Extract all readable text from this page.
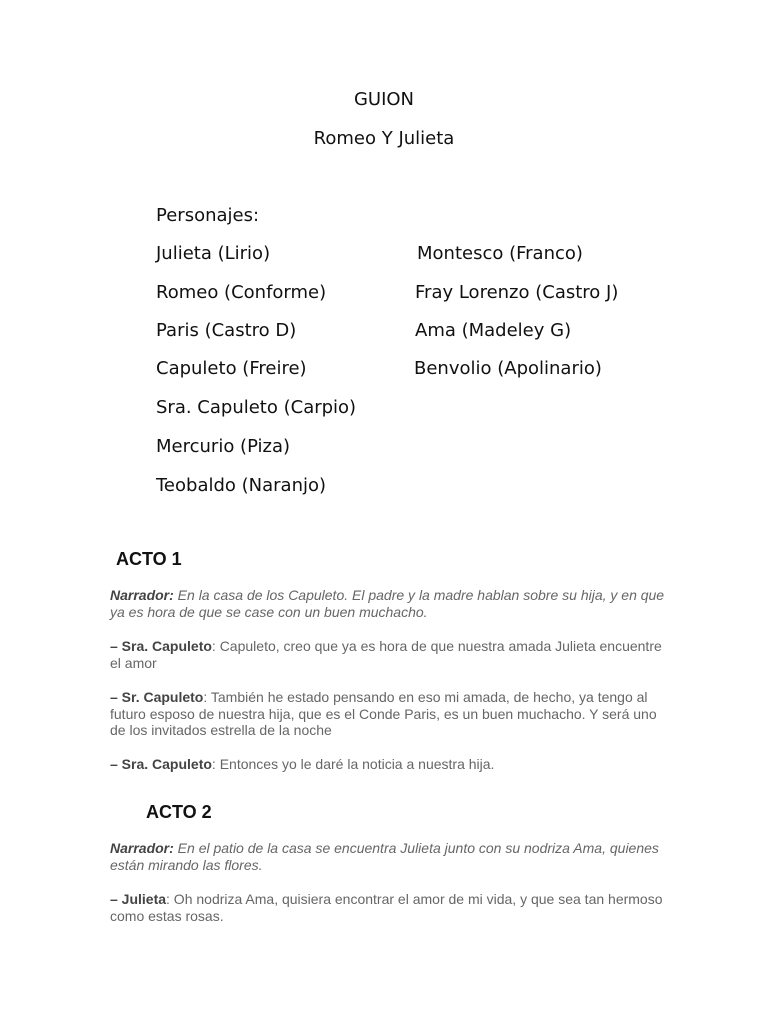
GUION
Romeo Y Julieta
Personajes:
Julieta (Lirio)
Romeo (Conforme)
Paris (Castro D)
Capuleto (Freire)
Sra. Capuleto (Carpio)
Mercurio (Piza)
Teobaldo (Naranjo)
Montesco (Franco)
Fray Lorenzo (Castro J)
Ama (Madeley G)
Benvolio (Apolinario)
ACTO 1
Narrador: En la casa de los Capuleto. El padre y la madre hablan sobre su hija, y en que ya es hora de que se case con un buen muchacho.
– Sra. Capuleto: Capuleto, creo que ya es hora de que nuestra amada Julieta encuentre el amor
– Sr. Capuleto: También he estado pensando en eso mi amada, de hecho, ya tengo al futuro esposo de nuestra hija, que es el Conde Paris, es un buen muchacho. Y será uno de los invitados estrella de la noche
– Sra. Capuleto: Entonces yo le daré la noticia a nuestra hija.
ACTO 2
Narrador: En el patio de la casa se encuentra Julieta junto con su nodriza Ama, quienes están mirando las flores.
– Julieta: Oh nodriza Ama, quisiera encontrar el amor de mi vida, y que sea tan hermoso como estas rosas.
